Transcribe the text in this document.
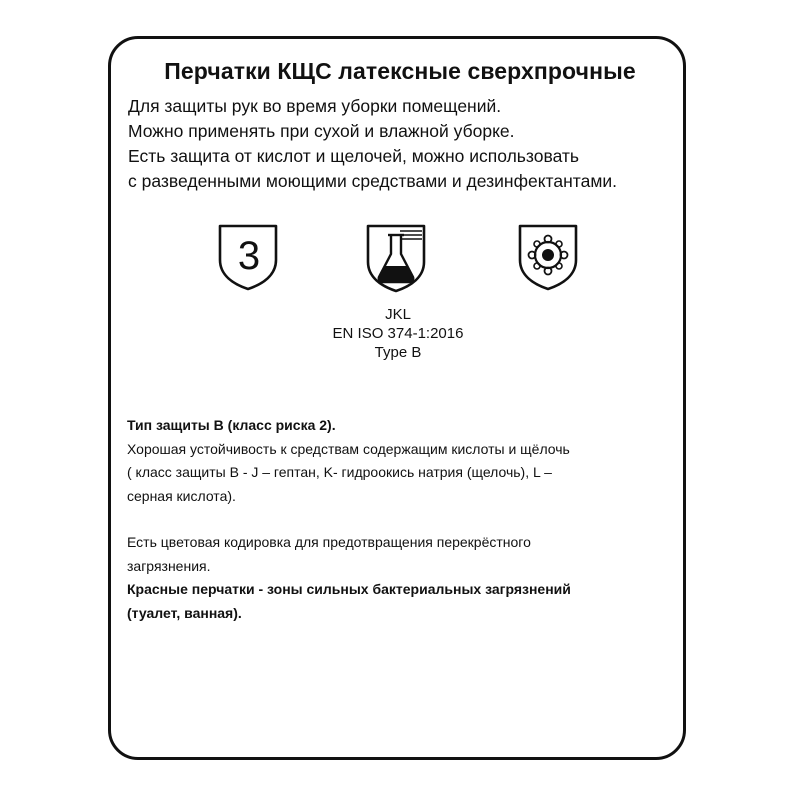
Перчатки КЩС латексные сверхпрочные
Для защиты рук во время уборки помещений.
Можно применять при сухой и влажной уборке.
Есть защита от кислот и щелочей, можно использовать
с разведенными моющими средствами и дезинфектантами.
3
JKL
EN ISO 374-1:2016
Type B
Тип защиты В (класс риска 2).
Хорошая устойчивость к средствам содержащим кислоты и щёлочь
( класс защиты В - J – гептан, K- гидроокись натрия (щелочь), L –
серная кислота).
Есть цветовая кодировка для предотвращения перекрёстного
загрязнения.
Красные перчатки - зоны сильных бактериальных загрязнений
(туалет, ванная).
